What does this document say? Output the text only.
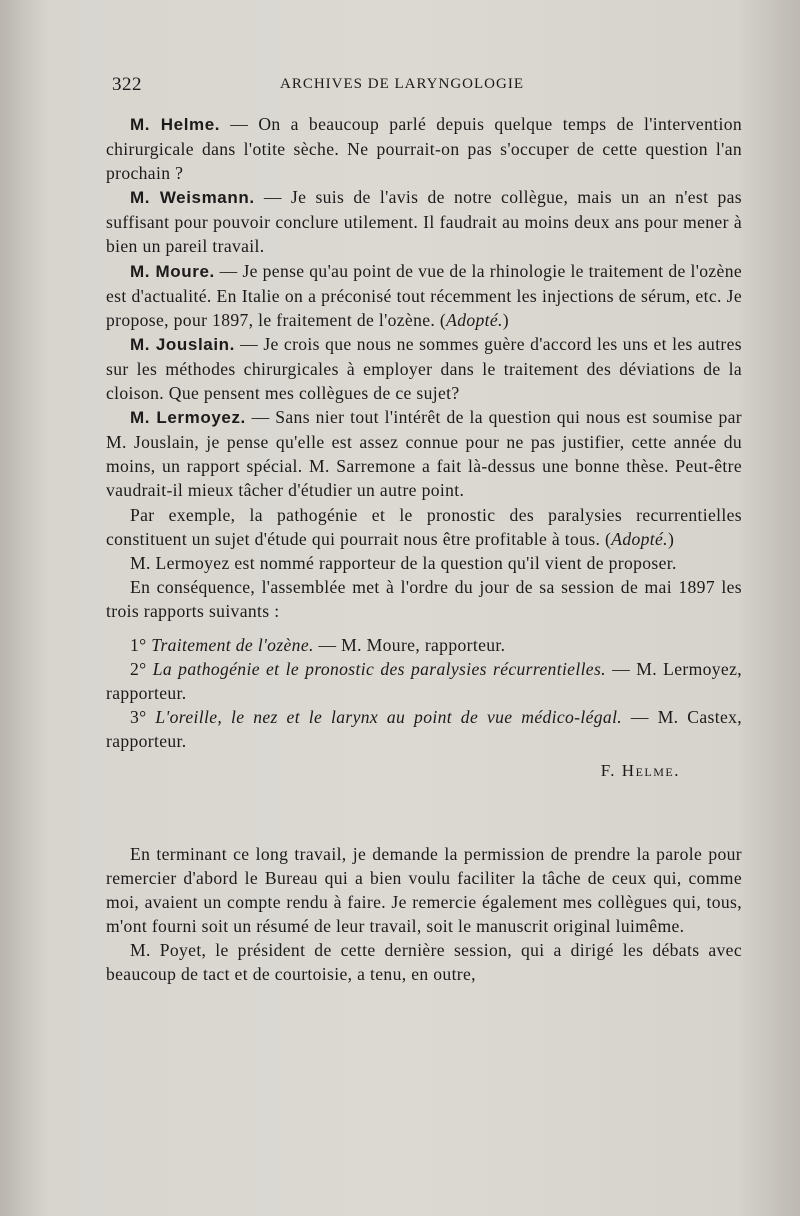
322	ARCHIVES DE LARYNGOLOGIE

M. Helme. — On a beaucoup parlé depuis quelque temps de l'intervention chirurgicale dans l'otite sèche. Ne pourrait-on pas s'occuper de cette question l'an prochain ?

M. Weismann. — Je suis de l'avis de notre collègue, mais un an n'est pas suffisant pour pouvoir conclure utilement. Il faudrait au moins deux ans pour mener à bien un pareil travail.

M. Moure. — Je pense qu'au point de vue de la rhinologie le traitement de l'ozène est d'actualité. En Italie on a préconisé tout récemment les injections de sérum, etc. Je propose, pour 1897, le fraitement de l'ozène. (Adopté.)

M. Jouslain. — Je crois que nous ne sommes guère d'accord les uns et les autres sur les méthodes chirurgicales à employer dans le traitement des déviations de la cloison. Que pensent mes collègues de ce sujet?

M. Lermoyez. — Sans nier tout l'intérêt de la question qui nous est soumise par M. Jouslain, je pense qu'elle est assez connue pour ne pas justifier, cette année du moins, un rapport spécial. M. Sarremone a fait là-dessus une bonne thèse. Peut-être vaudrait-il mieux tâcher d'étudier un autre point.

Par exemple, la pathogénie et le pronostic des paralysies recurrentielles constituent un sujet d'étude qui pourrait nous être profitable à tous. (Adopté.)

M. Lermoyez est nommé rapporteur de la question qu'il vient de proposer.

En conséquence, l'assemblée met à l'ordre du jour de sa session de mai 1897 les trois rapports suivants :

1° Traitement de l'ozène. — M. Moure, rapporteur.

2° La pathogénie et le pronostic des paralysies récurrentielles. — M. Lermoyez, rapporteur.

3° L'oreille, le nez et le larynx au point de vue médico-légal. — M. Castex, rapporteur.

F. Helme.

En terminant ce long travail, je demande la permission de prendre la parole pour remercier d'abord le Bureau qui a bien voulu faciliter la tâche de ceux qui, comme moi, avaient un compte rendu à faire. Je remercie également mes collègues qui, tous, m'ont fourni soit un résumé de leur travail, soit le manuscrit original luimême.

M. Poyet, le président de cette dernière session, qui a dirigé les débats avec beaucoup de tact et de courtoisie, a tenu, en outre,
